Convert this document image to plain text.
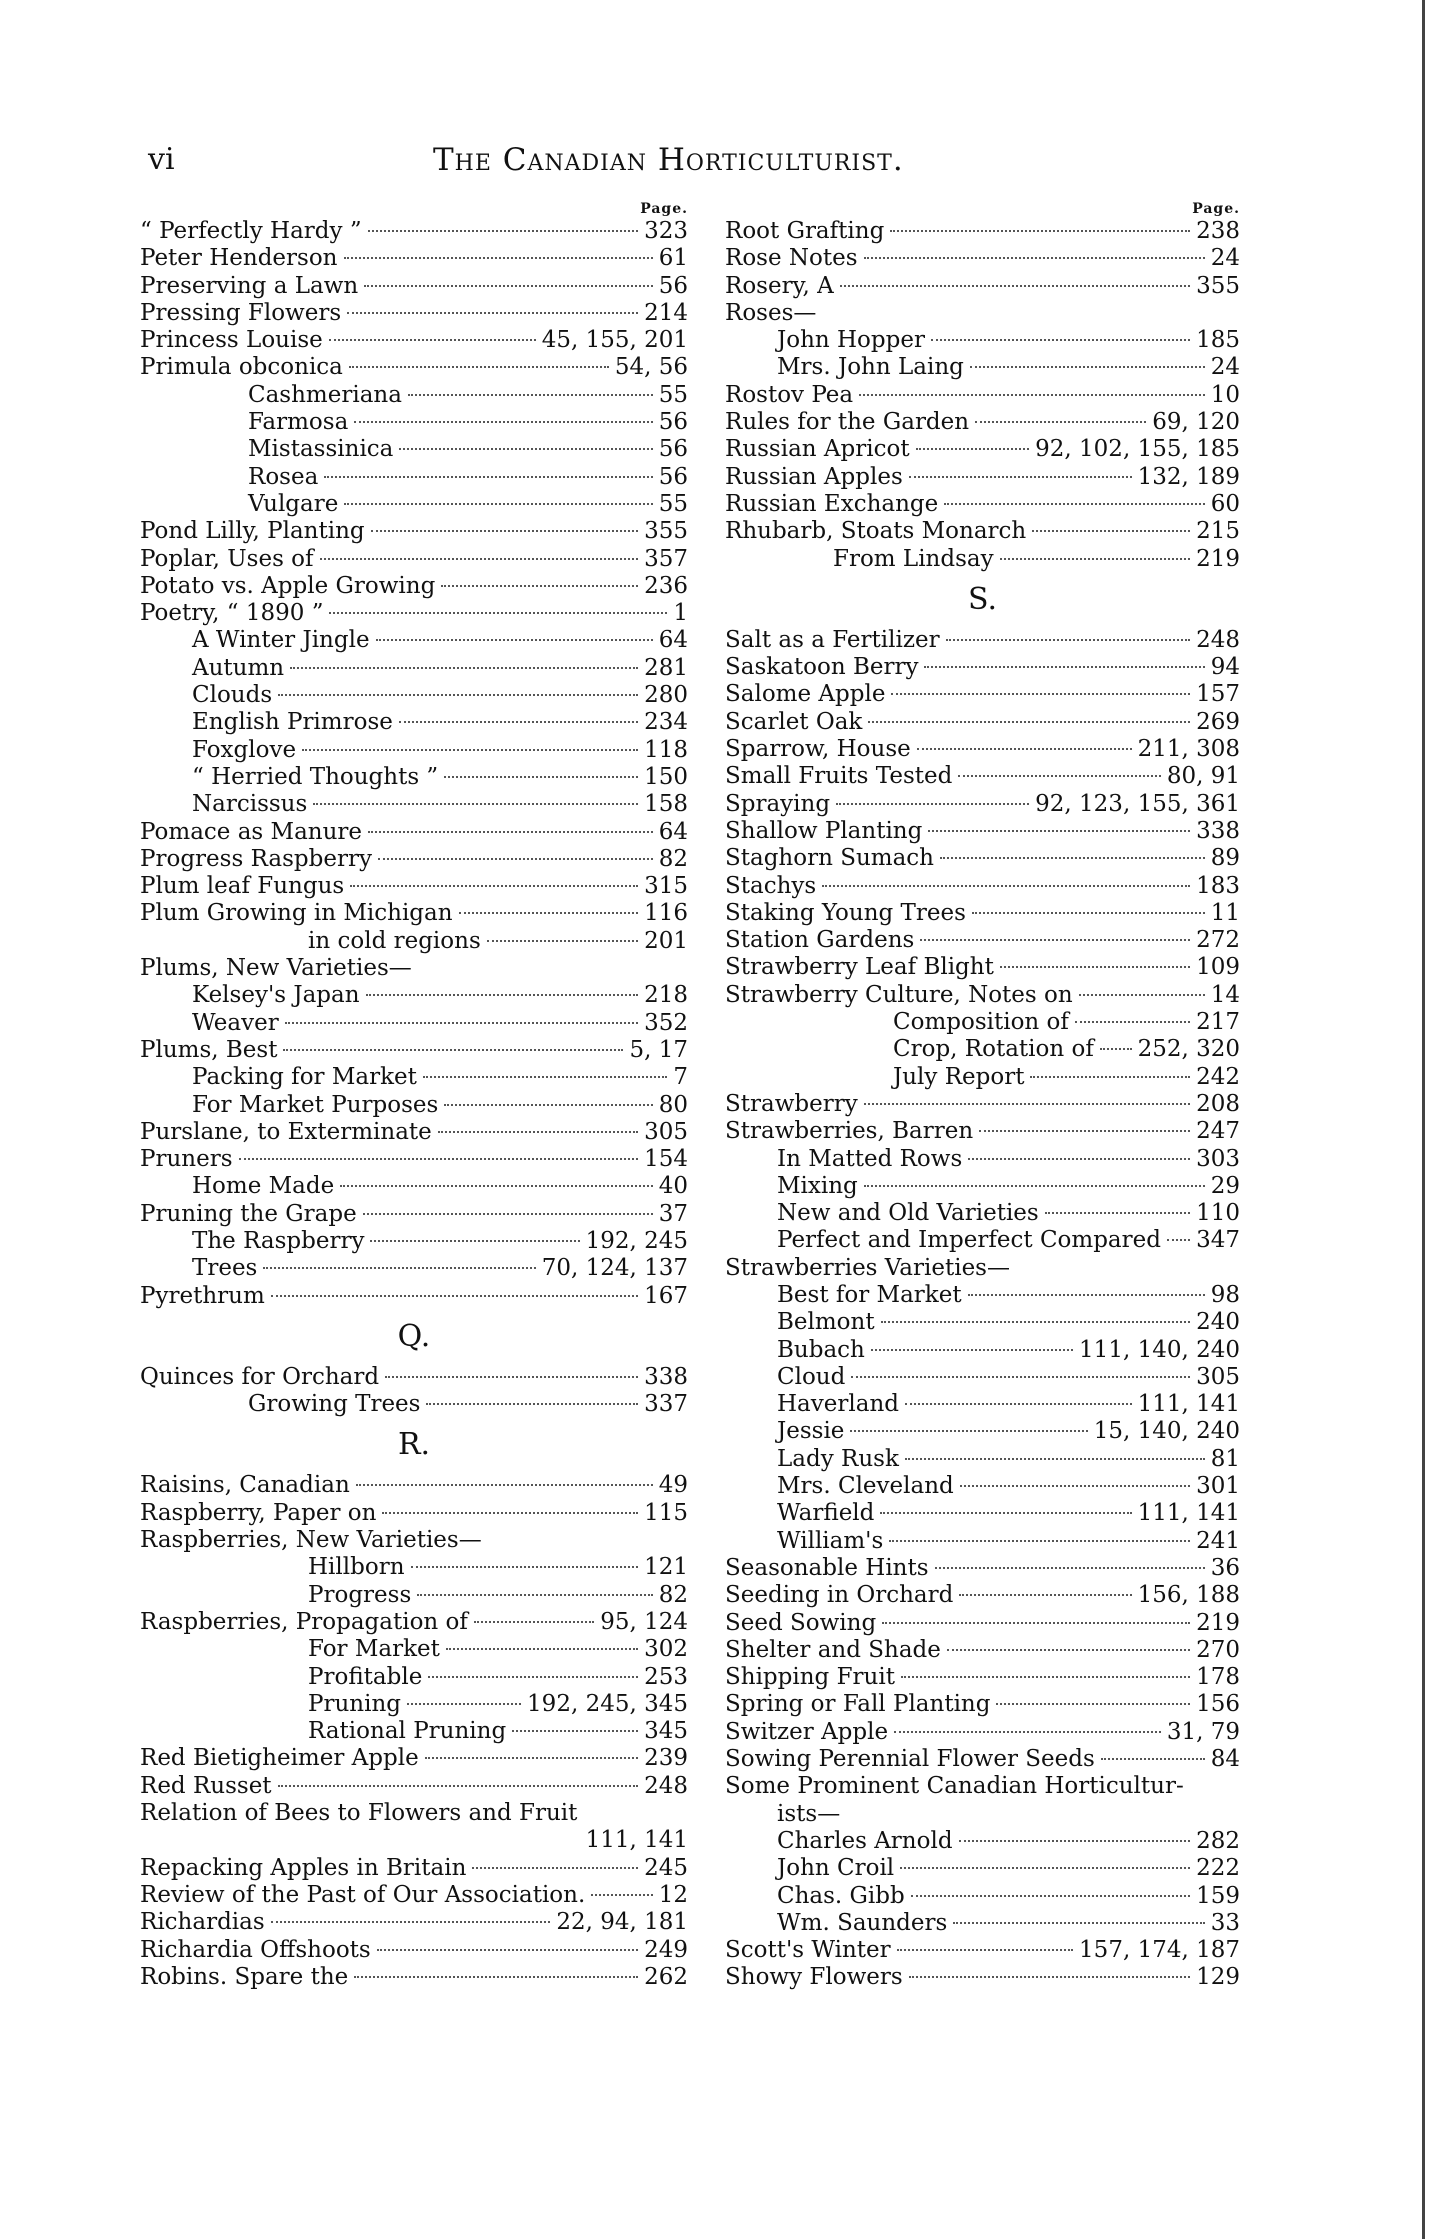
vi	The Canadian Horticulturist.
Page.
“ Perfectly Hardy ”	323
Peter Henderson	61
Preserving a Lawn	56
Pressing Flowers	214
Princess Louise	45, 155, 201
Primula obconica	54, 56
Cashmeriana	55
Farmosa	56
Mistassinica	56
Rosea	56
Vulgare	55
Pond Lilly, Planting	355
Poplar, Uses of	357
Potato vs. Apple Growing	236
Poetry, “ 1890 ”	1
A Winter Jingle	64
Autumn	281
Clouds	280
English Primrose	234
Foxglove	118
“ Herried Thoughts ”	150
Narcissus	158
Pomace as Manure	64
Progress Raspberry	82
Plum leaf Fungus	315
Plum Growing in Michigan	116
in cold regions	201
Plums, New Varieties—
Kelsey's Japan	218
Weaver	352
Plums, Best	5, 17
Packing for Market	7
For Market Purposes	80
Purslane, to Exterminate	305
Pruners	154
Home Made	40
Pruning the Grape	37
The Raspberry	192, 245
Trees	70, 124, 137
Pyrethrum	167
Q.
Quinces for Orchard	338
Growing Trees	337
R.
Raisins, Canadian	49
Raspberry, Paper on	115
Raspberries, New Varieties—
Hillborn	121
Progress	82
Raspberries, Propagation of	95, 124
For Market	302
Profitable	253
Pruning	192, 245, 345
Rational Pruning	345
Red Bietigheimer Apple	239
Red Russet	248
Relation of Bees to Flowers and Fruit
111, 141
Repacking Apples in Britain	245
Review of the Past of Our Association.	12
Richardias	22, 94, 181
Richardia Offshoots	249
Robins. Spare the	262
Page.
Root Grafting	238
Rose Notes	24
Rosery, A	355
Roses—
John Hopper	185
Mrs. John Laing	24
Rostov Pea	10
Rules for the Garden	69, 120
Russian Apricot	92, 102, 155, 185
Russian Apples	132, 189
Russian Exchange	60
Rhubarb, Stoats Monarch	215
From Lindsay	219
S.
Salt as a Fertilizer	248
Saskatoon Berry	94
Salome Apple	157
Scarlet Oak	269
Sparrow, House	211, 308
Small Fruits Tested	80, 91
Spraying	92, 123, 155, 361
Shallow Planting	338
Staghorn Sumach	89
Stachys	183
Staking Young Trees	11
Station Gardens	272
Strawberry Leaf Blight	109
Strawberry Culture, Notes on	14
Composition of	217
Crop, Rotation of 252, 320
July Report	242
Strawberry	208
Strawberries, Barren	247
In Matted Rows	303
Mixing	29
New and Old Varieties	110
Perfect and Imperfect Compared 347
Strawberries Varieties—
Best for Market	98
Belmont	240
Bubach	111, 140, 240
Cloud	305
Haverland	111, 141
Jessie	15, 140, 240
Lady Rusk	81
Mrs. Cleveland	301
Warfield	111, 141
William's	241
Seasonable Hints	36
Seeding in Orchard	156, 188
Seed Sowing	219
Shelter and Shade	270
Shipping Fruit	178
Spring or Fall Planting	156
Switzer Apple	31, 79
Sowing Perennial Flower Seeds	84
Some Prominent Canadian Horticultur-
ists—
Charles Arnold	282
John Croil	222
Chas. Gibb	159
Wm. Saunders	33
Scott's Winter	157, 174, 187
Showy Flowers	129
